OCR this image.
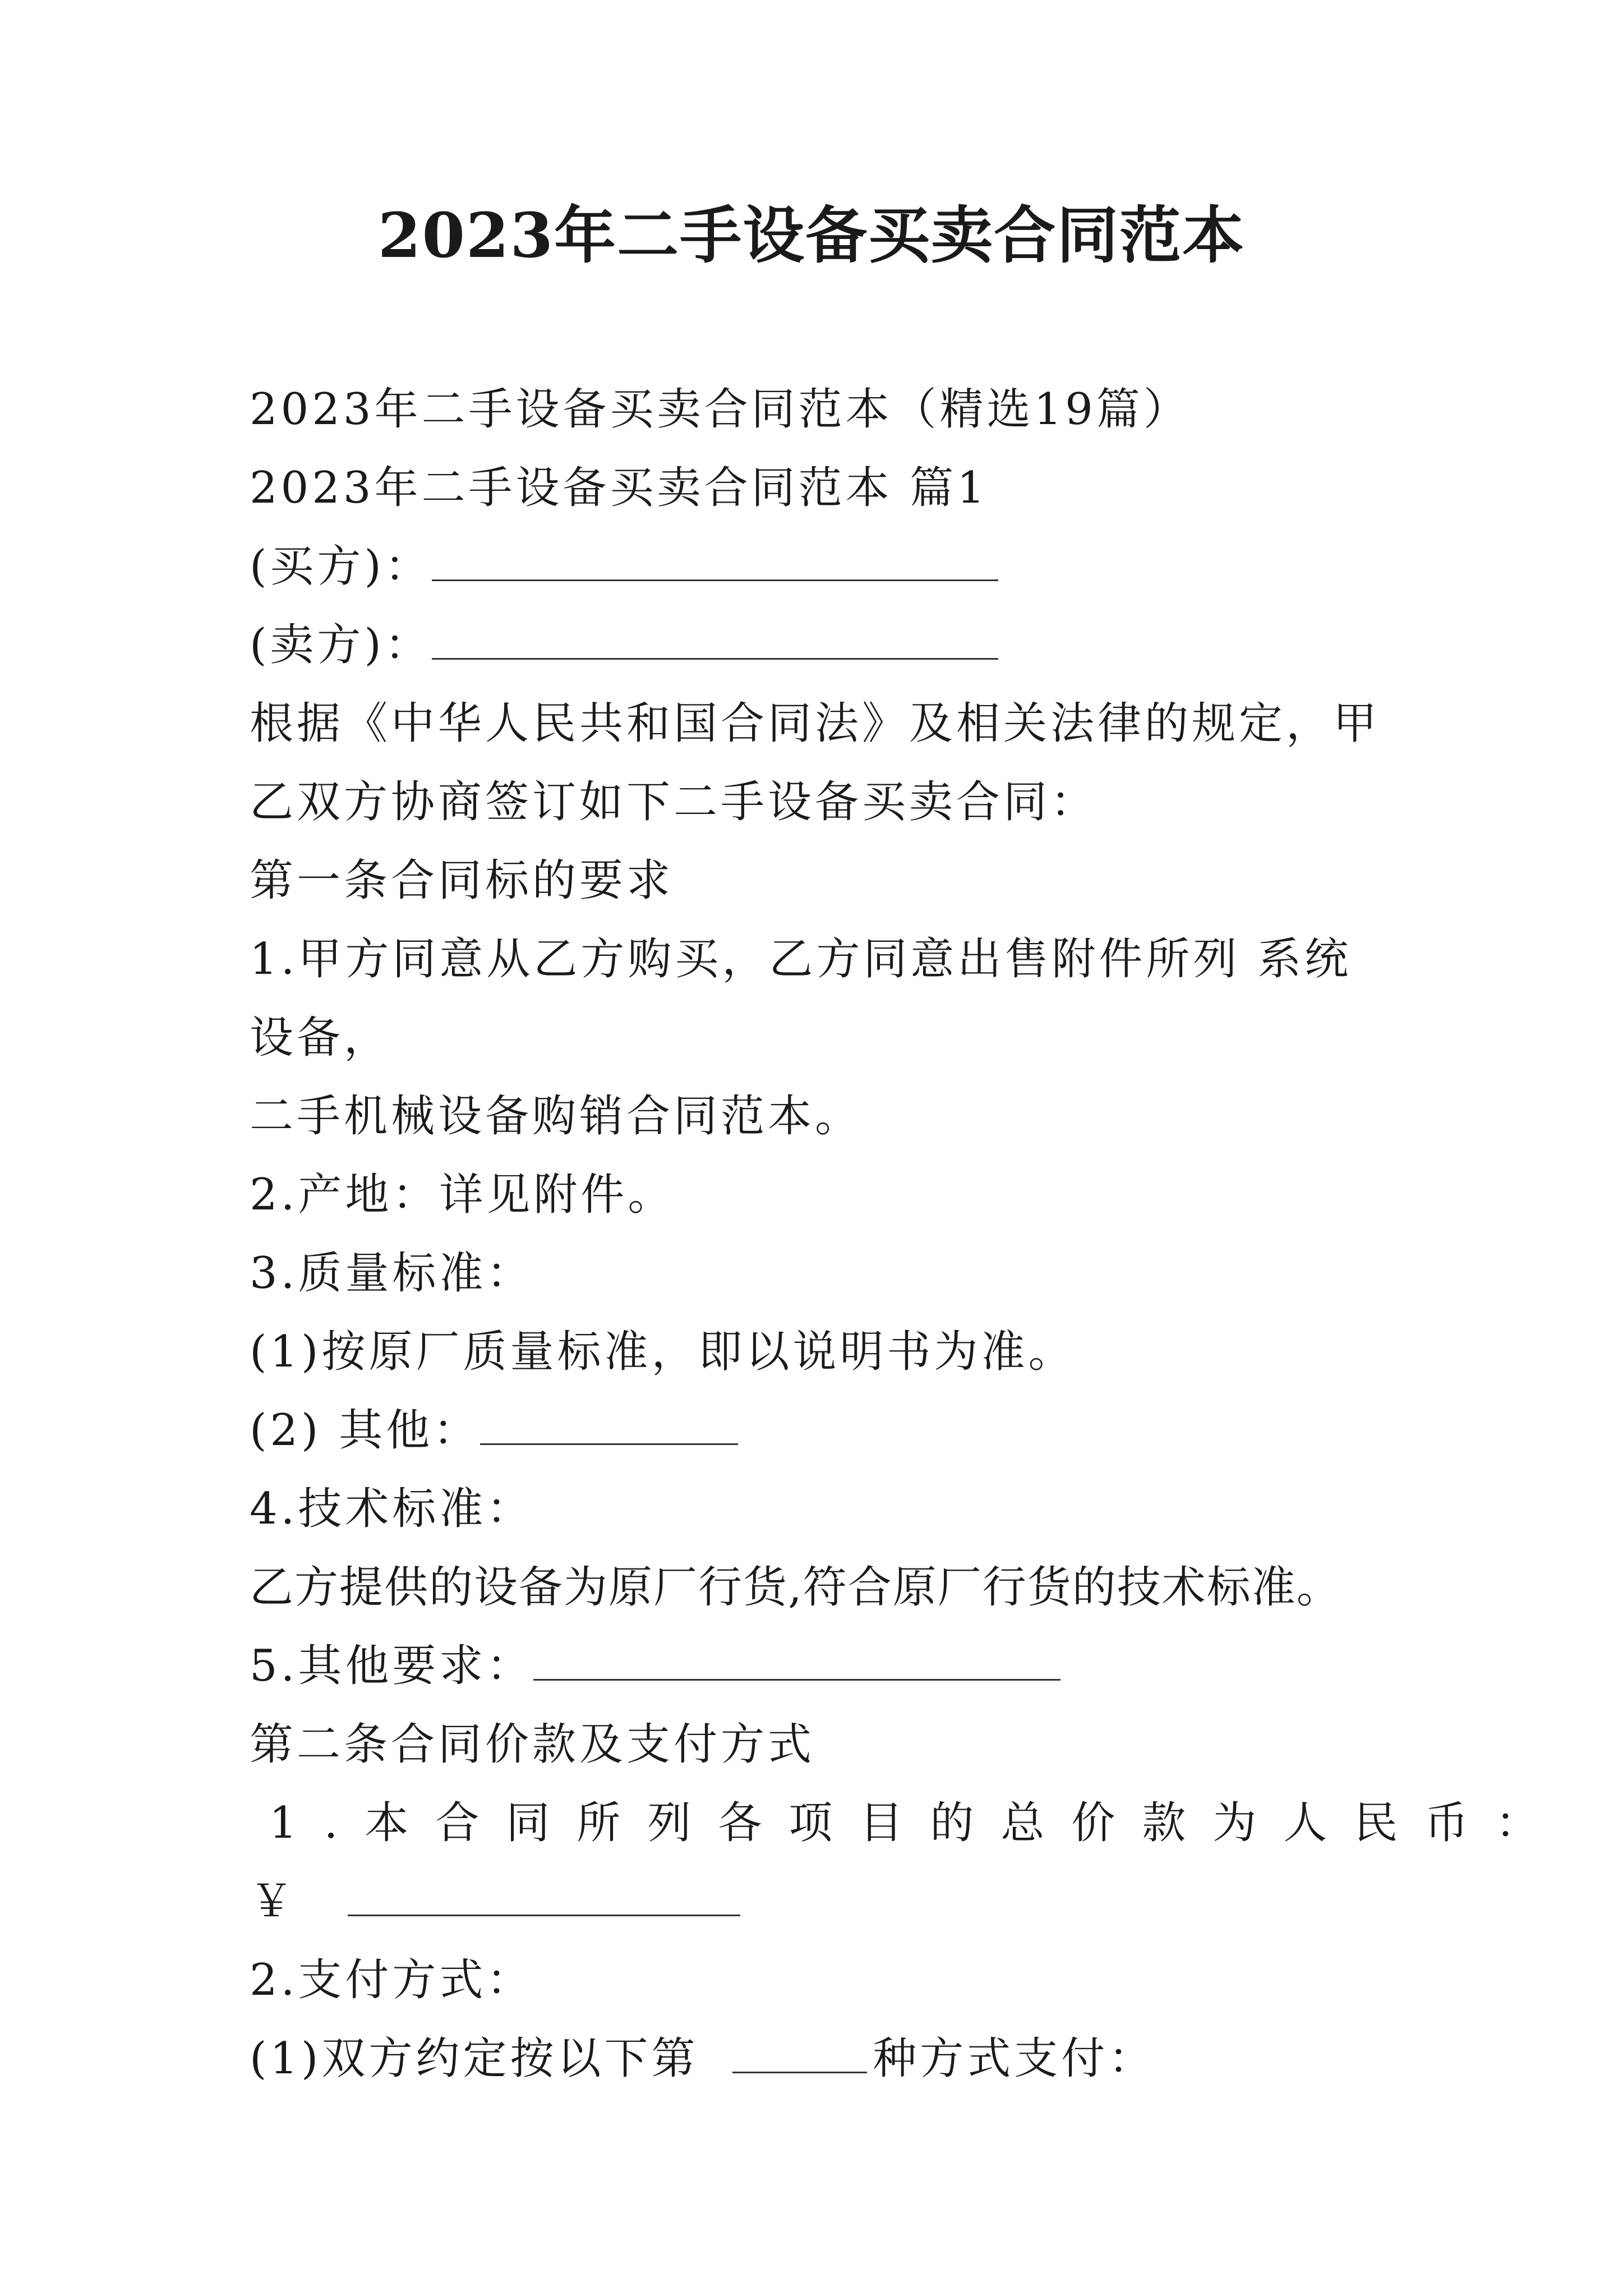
2023年二手设备买卖合同范本
2023年二手设备买卖合同范本（精选19篇）
2023年二手设备买卖合同范本 篇1
(买方)：
(卖方)：
根据《中华人民共和国合同法》及相关法律的规定，甲
乙双方协商签订如下二手设备买卖合同：
第一条合同标的要求
1.甲方同意从乙方购买，乙方同意出售附件所列 系统
设备，
二手机械设备购销合同范本。
2.产地：详见附件。
3.质量标准：
(1)按原厂质量标准，即以说明书为准。
(2) 其他：
4.技术标准：
乙方提供的设备为原厂行货,符合原厂行货的技术标准。
5.其他要求：
第二条合同价款及支付方式
1.本合同所列各项目的总价款为人民币：
￥
2.支付方式：
(1)双方约定按以下第	种方式支付：
